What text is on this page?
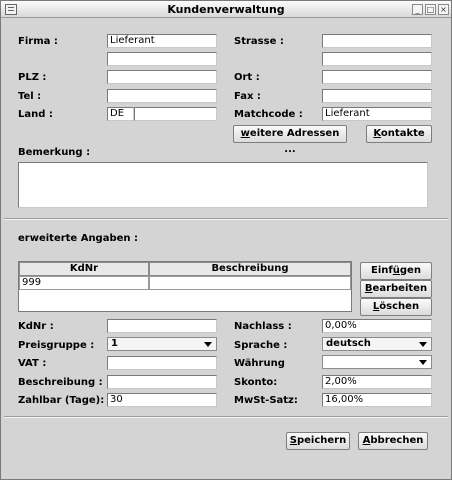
Kundenverwaltung	_ □ ×
Firma :	Lieferant	Strasse :
PLZ :	Ort :
Tel :	Fax :
Land :	DE	Matchcode :	Lieferant
weitere Adressen ...
Kontakte
Bemerkung :
erweiterte Angaben :
KdNr	Beschreibung
999
Einfügen
Bearbeiten
Löschen
KdNr :	Nachlass :	0,00%
Preisgruppe :	1	Sprache :	deutsch
VAT :	Währung
Beschreibung :	Skonto:	2,00%
Zahlbar (Tage): 30	MwSt-Satz:	16,00%
Speichern	Abbrechen
